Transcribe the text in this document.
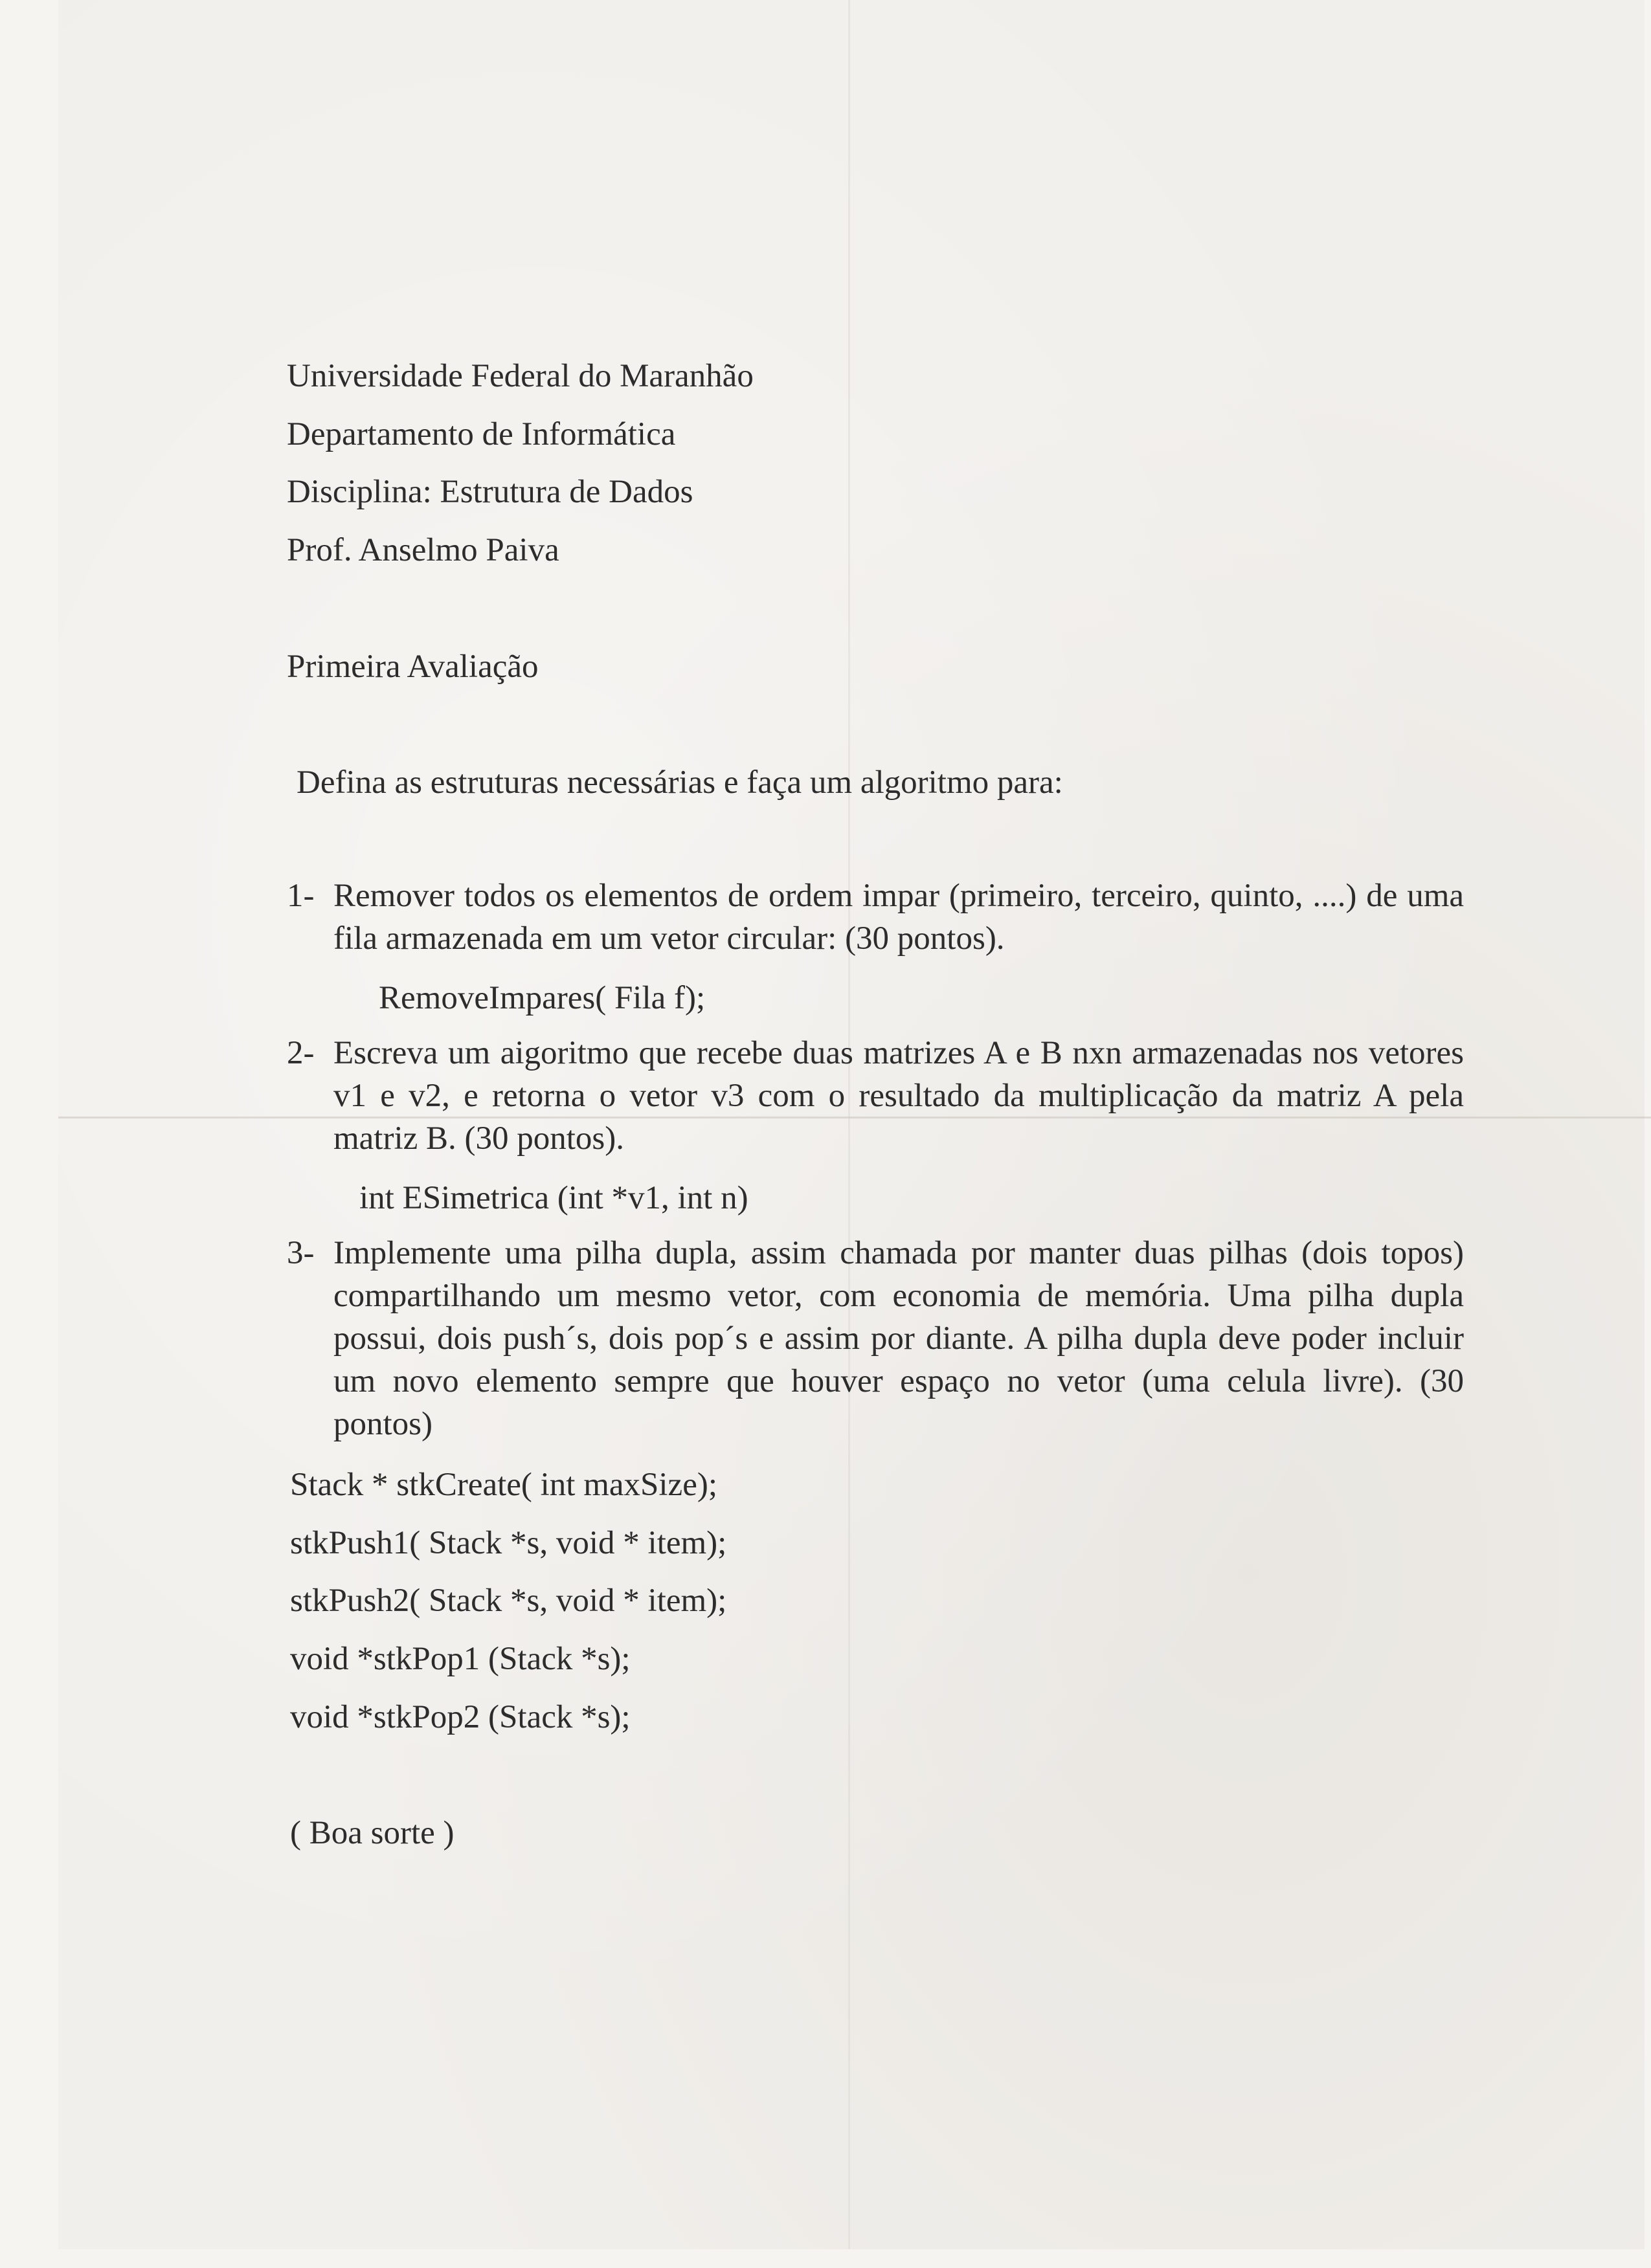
Universidade Federal do Maranhão
Departamento de Informática
Disciplina: Estrutura de Dados
Prof. Anselmo Paiva
Primeira Avaliação
Defina as estruturas necessárias e faça um algoritmo para:
1- Remover todos os elementos de ordem impar (primeiro, terceiro, quinto, ....) de uma fila armazenada em um vetor circular: (30 pontos).
RemoveImpares( Fila f);
2- Escreva um aigoritmo que recebe duas matrizes A e B nxn armazenadas nos vetores v1 e v2, e retorna o vetor v3 com o resultado da multiplicação da matriz A pela matriz B. (30 pontos).
int ESimetrica (int *v1, int n)
3- Implemente uma pilha dupla, assim chamada por manter duas pilhas (dois topos) compartilhando um mesmo vetor, com economia de memória. Uma pilha dupla possui, dois push´s, dois pop´s e assim por diante. A pilha dupla deve poder incluir um novo elemento sempre que houver espaço no vetor (uma celula livre). (30 pontos)
Stack * stkCreate( int maxSize);
stkPush1( Stack *s, void * item);
stkPush2( Stack *s, void * item);
void *stkPop1 (Stack *s);
void *stkPop2 (Stack *s);
( Boa sorte )
